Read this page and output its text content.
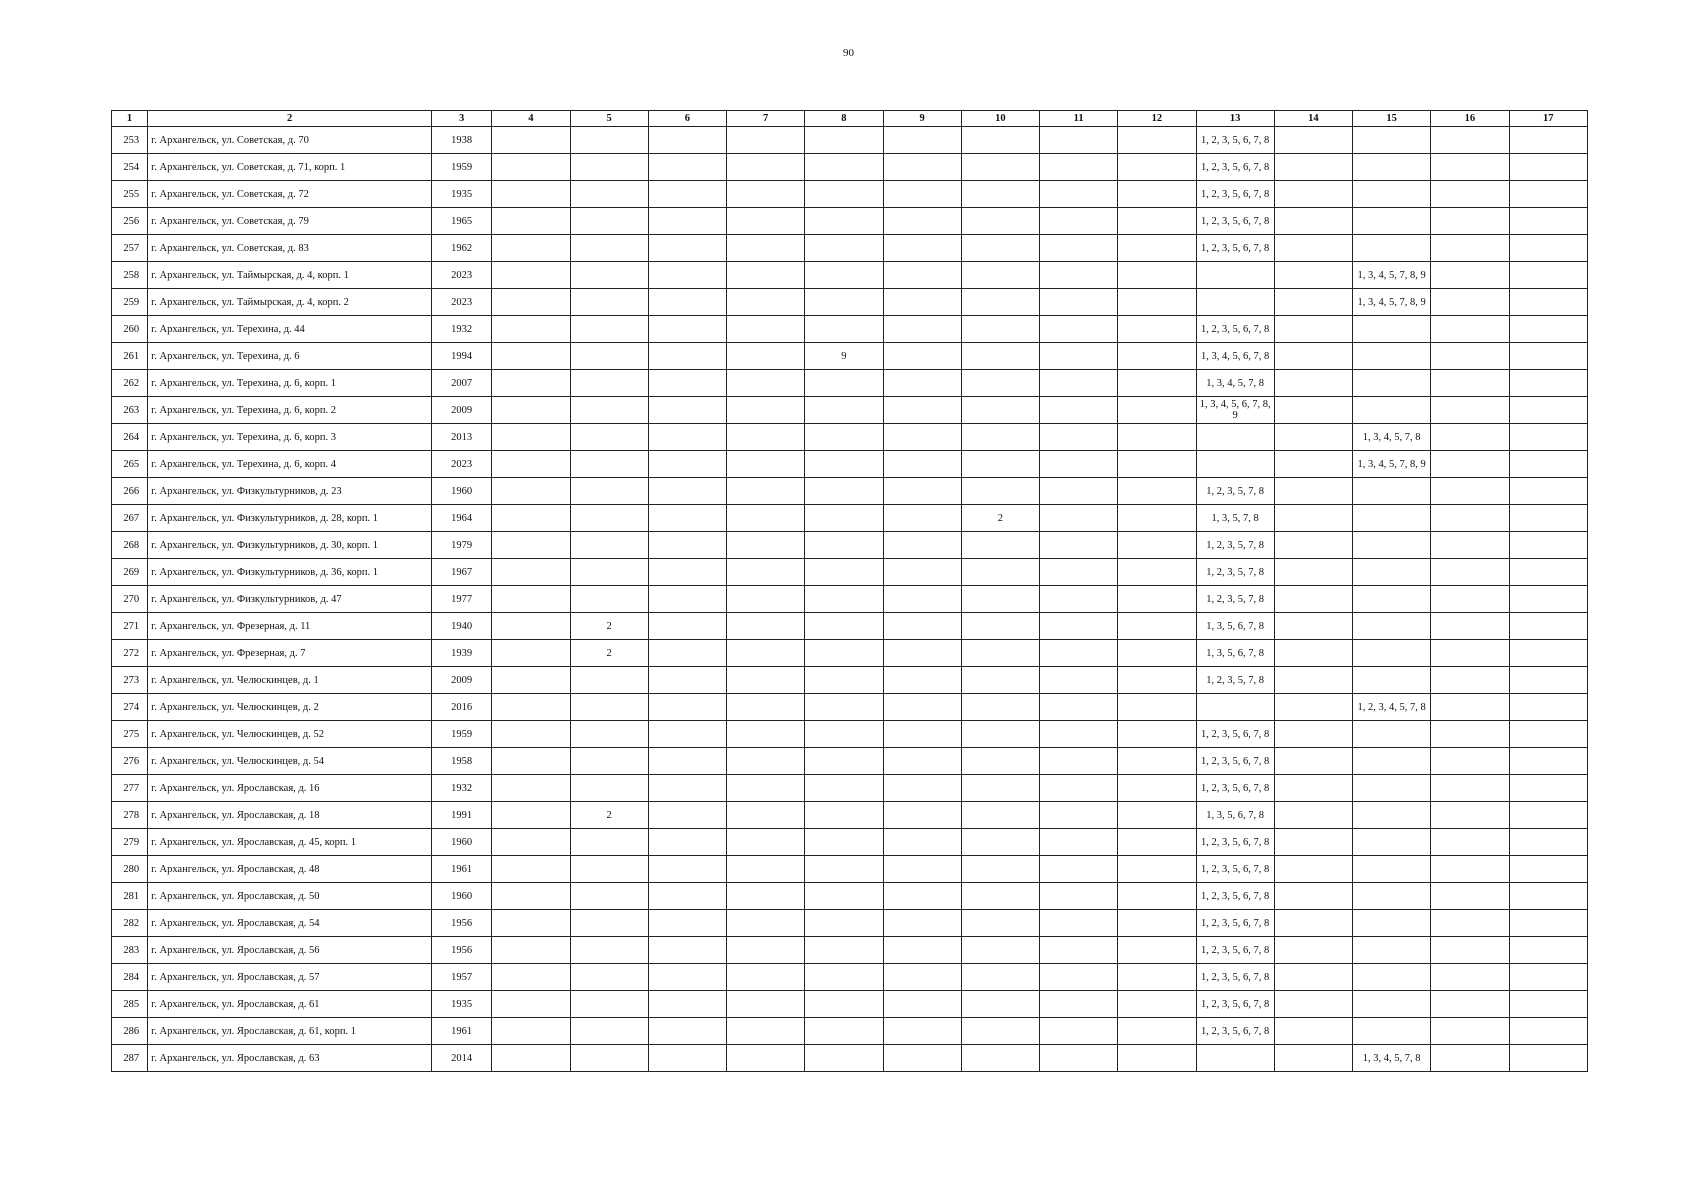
90
1	2	3	4	5	6	7	8	9	10	11	12	13	14	15	16	17
253	г. Архангельск, ул. Советская, д. 70	1938										1, 2, 3, 5, 6, 7, 8				
254	г. Архангельск, ул. Советская, д. 71, корп. 1	1959										1, 2, 3, 5, 6, 7, 8				
255	г. Архангельск, ул. Советская, д. 72	1935										1, 2, 3, 5, 6, 7, 8				
256	г. Архангельск, ул. Советская, д. 79	1965										1, 2, 3, 5, 6, 7, 8				
257	г. Архангельск, ул. Советская, д. 83	1962										1, 2, 3, 5, 6, 7, 8				
258	г. Архангельск, ул. Таймырская, д. 4, корп. 1	2023												1, 3, 4, 5, 7, 8, 9		
259	г. Архангельск, ул. Таймырская, д. 4, корп. 2	2023												1, 3, 4, 5, 7, 8, 9		
260	г. Архангельск, ул. Терехина, д. 44	1932										1, 2, 3, 5, 6, 7, 8				
261	г. Архангельск, ул. Терехина, д. 6	1994					9					1, 3, 4, 5, 6, 7, 8				
262	г. Архангельск, ул. Терехина, д. 6, корп. 1	2007										1, 3, 4, 5, 7, 8				
263	г. Архангельск, ул. Терехина, д. 6, корп. 2	2009										1, 3, 4, 5, 6, 7, 8, 9				
264	г. Архангельск, ул. Терехина, д. 6, корп. 3	2013												1, 3, 4, 5, 7, 8		
265	г. Архангельск, ул. Терехина, д. 6, корп. 4	2023												1, 3, 4, 5, 7, 8, 9		
266	г. Архангельск, ул. Физкультурников, д. 23	1960										1, 2, 3, 5, 7, 8				
267	г. Архангельск, ул. Физкультурников, д. 28, корп. 1	1964							2			1, 3, 5, 7, 8				
268	г. Архангельск, ул. Физкультурников, д. 30, корп. 1	1979										1, 2, 3, 5, 7, 8				
269	г. Архангельск, ул. Физкультурников, д. 36, корп. 1	1967										1, 2, 3, 5, 7, 8				
270	г. Архангельск, ул. Физкультурников, д. 47	1977										1, 2, 3, 5, 7, 8				
271	г. Архангельск, ул. Фрезерная, д. 11	1940		2								1, 3, 5, 6, 7, 8				
272	г. Архангельск, ул. Фрезерная, д. 7	1939		2								1, 3, 5, 6, 7, 8				
273	г. Архангельск, ул. Челюскинцев, д. 1	2009										1, 2, 3, 5, 7, 8				
274	г. Архангельск, ул. Челюскинцев, д. 2	2016												1, 2, 3, 4, 5, 7, 8		
275	г. Архангельск, ул. Челюскинцев, д. 52	1959										1, 2, 3, 5, 6, 7, 8				
276	г. Архангельск, ул. Челюскинцев, д. 54	1958										1, 2, 3, 5, 6, 7, 8				
277	г. Архангельск, ул. Ярославская, д. 16	1932										1, 2, 3, 5, 6, 7, 8				
278	г. Архангельск, ул. Ярославская, д. 18	1991		2								1, 3, 5, 6, 7, 8				
279	г. Архангельск, ул. Ярославская, д. 45, корп. 1	1960										1, 2, 3, 5, 6, 7, 8				
280	г. Архангельск, ул. Ярославская, д. 48	1961										1, 2, 3, 5, 6, 7, 8				
281	г. Архангельск, ул. Ярославская, д. 50	1960										1, 2, 3, 5, 6, 7, 8				
282	г. Архангельск, ул. Ярославская, д. 54	1956										1, 2, 3, 5, 6, 7, 8				
283	г. Архангельск, ул. Ярославская, д. 56	1956										1, 2, 3, 5, 6, 7, 8				
284	г. Архангельск, ул. Ярославская, д. 57	1957										1, 2, 3, 5, 6, 7, 8				
285	г. Архангельск, ул. Ярославская, д. 61	1935										1, 2, 3, 5, 6, 7, 8				
286	г. Архангельск, ул. Ярославская, д. 61, корп. 1	1961										1, 2, 3, 5, 6, 7, 8				
287	г. Архангельск, ул. Ярославская, д. 63	2014												1, 3, 4, 5, 7, 8		
